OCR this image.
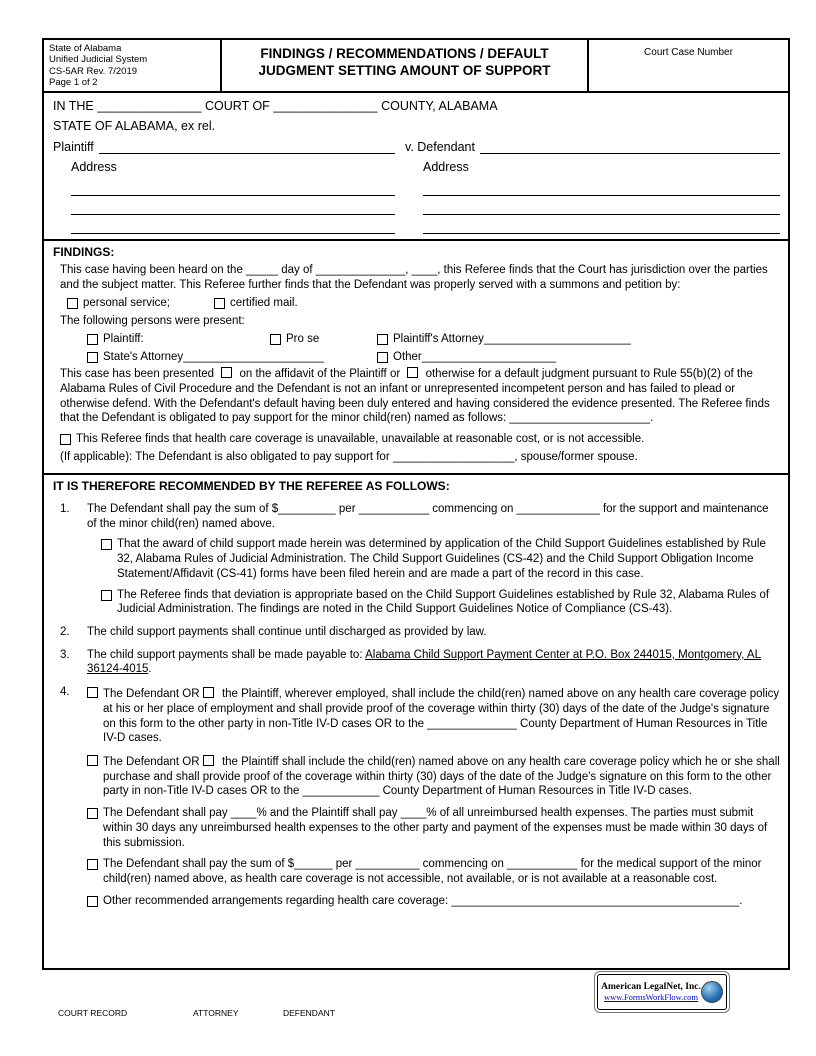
State of Alabama
Unified Judicial System
CS-5AR Rev. 7/2019
Page 1 of 2
FINDINGS / RECOMMENDATIONS / DEFAULT
JUDGMENT SETTING AMOUNT OF SUPPORT
Court Case Number
IN THE _______________ COURT OF _______________ COUNTY, ALABAMA
STATE OF ALABAMA, ex rel.
Plaintiff
Address
v. Defendant
Address
FINDINGS:
This case having been heard on the _____ day of ______________, ____, this Referee finds that the Court has jurisdiction over the parties and the subject matter. This Referee further finds that the Defendant was properly served with a summons and petition by:
personal service;	certified mail.
The following persons were present:
Plaintiff:	Pro se	Plaintiff's Attorney _______________________
State's Attorney ______________________	Other _____________________
This case has been presented on the affidavit of the Plaintiff or otherwise for a default judgment pursuant to Rule 55(b)(2) of the Alabama Rules of Civil Procedure and the Defendant is not an infant or unrepresented incompetent person and has failed to plead or otherwise defend. With the Defendant's default having been duly entered and having considered the evidence presented. The Referee finds that the Defendant is obligated to pay support for the minor child(ren) named as follows: ______________________.
This Referee finds that health care coverage is unavailable, unavailable at reasonable cost, or is not accessible.
(If applicable): The Defendant is also obligated to pay support for ___________________, spouse/former spouse.
IT IS THEREFORE RECOMMENDED BY THE REFEREE AS FOLLOWS:
1.	The Defendant shall pay the sum of $_________ per ___________ commencing on _____________ for the support and maintenance of the minor child(ren) named above.
That the award of child support made herein was determined by application of the Child Support Guidelines established by Rule 32, Alabama Rules of Judicial Administration. The Child Support Guidelines (CS-42) and the Child Support Obligation Income Statement/Affidavit (CS-41) forms have been filed herein and are made a part of the record in this case.
The Referee finds that deviation is appropriate based on the Child Support Guidelines established by Rule 32, Alabama Rules of Judicial Administration. The findings are noted in the Child Support Guidelines Notice of Compliance (CS-43).
2.	The child support payments shall continue until discharged as provided by law.
3.	The child support payments shall be made payable to: Alabama Child Support Payment Center at P.O. Box 244015, Montgomery, AL 36124-4015.
4.	The Defendant OR the Plaintiff, wherever employed, shall include the child(ren) named above on any health care coverage policy at his or her place of employment and shall provide proof of the coverage within thirty (30) days of the date of the Judge's signature on this form to the other party in non-Title IV-D cases OR to the ______________ County Department of Human Resources in Title IV-D cases.
The Defendant OR the Plaintiff shall include the child(ren) named above on any health care coverage policy which he or she shall purchase and shall provide proof of the coverage within thirty (30) days of the date of the Judge's signature on this form to the other party in non-Title IV-D cases OR to the ____________ County Department of Human Resources in Title IV-D cases.
The Defendant shall pay ____% and the Plaintiff shall pay ____% of all unreimbursed health expenses. The parties must submit within 30 days any unreimbursed health expenses to the other party and payment of the expenses must be made within 30 days of this submission.
The Defendant shall pay the sum of $______ per __________ commencing on ___________ for the medical support of the minor child(ren) named above, as health care coverage is not accessible, not available, or is not available at a reasonable cost.
Other recommended arrangements regarding health care coverage: _____________________________________________.
American LegalNet, Inc.
www.FormsWorkFlow.com
COURT RECORD	ATTORNEY	DEFENDANT
